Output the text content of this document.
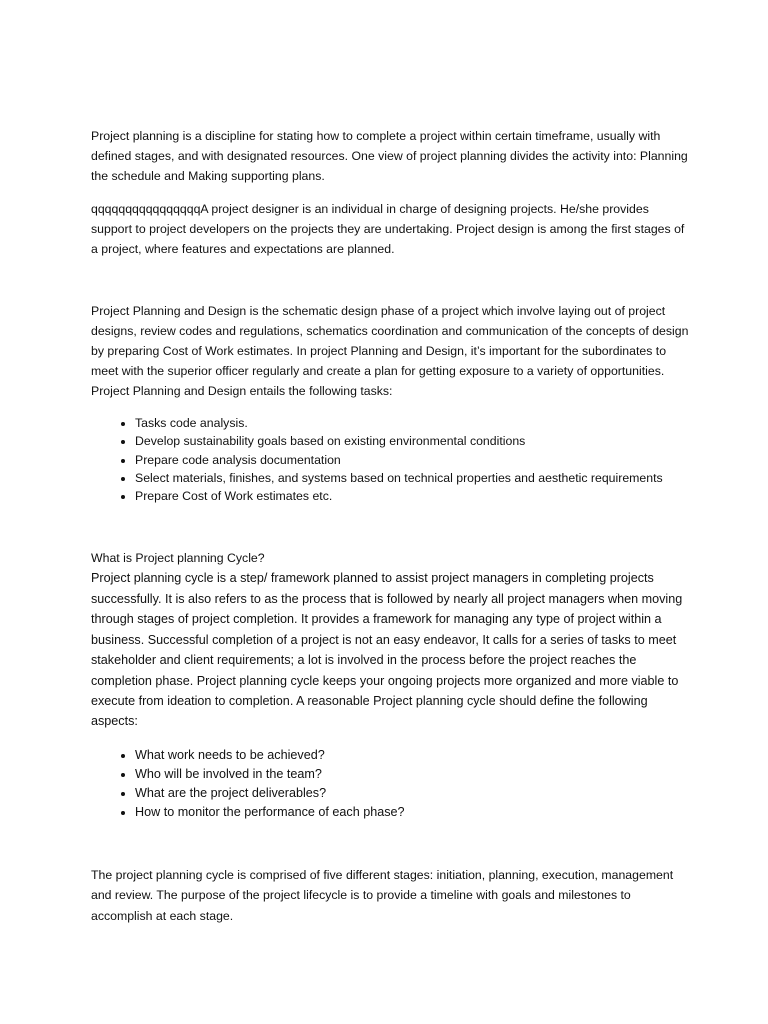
Project planning is a discipline for stating how to complete a project within certain timeframe, usually with defined stages, and with designated resources. One view of project planning divides the activity into: Planning the schedule and Making supporting plans.

qqqqqqqqqqqqqqqqA project designer is an individual in charge of designing projects. He/she provides support to project developers on the projects they are undertaking. Project design is among the first stages of a project, where features and expectations are planned.

Project Planning and Design is the schematic design phase of a project which involve laying out of project designs, review codes and regulations, schematics coordination and communication of the concepts of design by preparing Cost of Work estimates. In project Planning and Design, it’s important for the subordinates to meet with the superior officer regularly and create a plan for getting exposure to a variety of opportunities. Project Planning and Design entails the following tasks:

• Tasks code analysis.
• Develop sustainability goals based on existing environmental conditions
• Prepare code analysis documentation
• Select materials, finishes, and systems based on technical properties and aesthetic requirements
• Prepare Cost of Work estimates etc.

What is Project planning Cycle?

Project planning cycle is a step/ framework planned to assist project managers in completing projects successfully. It is also refers to as the process that is followed by nearly all project managers when moving through stages of project completion. It provides a framework for managing any type of project within a business. Successful completion of a project is not an easy endeavor, It calls for a series of tasks to meet stakeholder and client requirements; a lot is involved in the process before the project reaches the completion phase. Project planning cycle keeps your ongoing projects more organized and more viable to execute from ideation to completion. A reasonable Project planning cycle should define the following aspects:

• What work needs to be achieved?
• Who will be involved in the team?
• What are the project deliverables?
• How to monitor the performance of each phase?

The project planning cycle is comprised of five different stages: initiation, planning, execution, management and review. The purpose of the project lifecycle is to provide a timeline with goals and milestones to accomplish at each stage.
